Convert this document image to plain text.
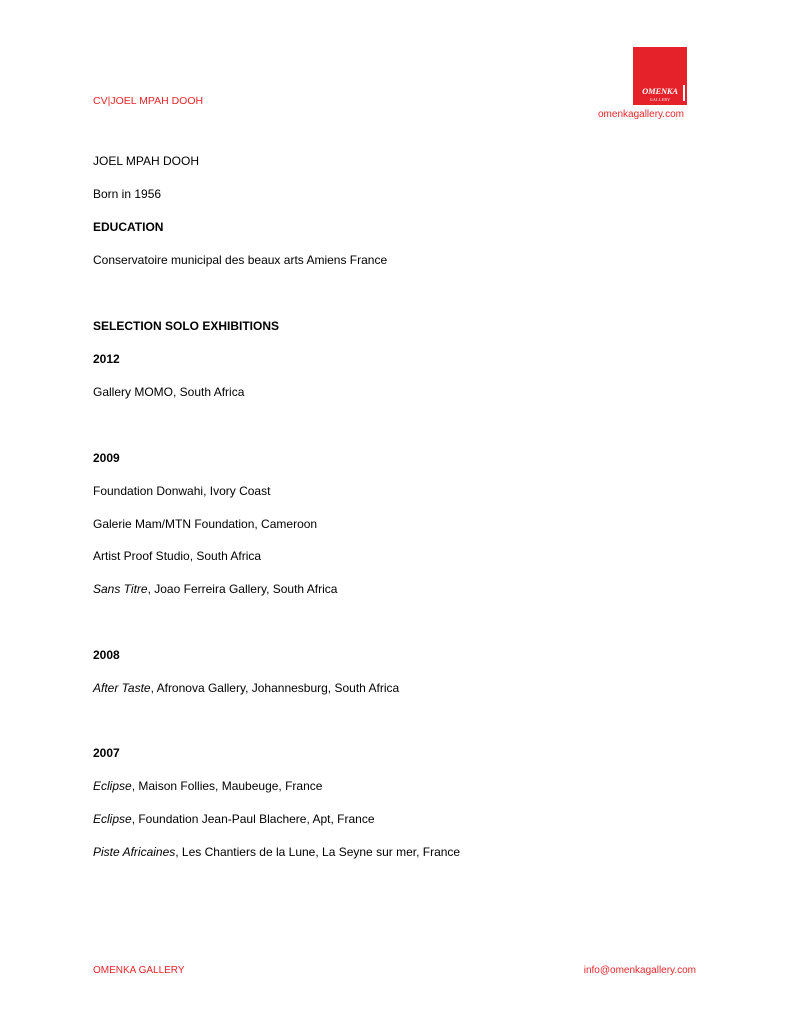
CV|JOEL MPAH DOOH
OMENKA
GALLERY
omenkagallery.com
JOEL MPAH DOOH
Born in 1956
EDUCATION
Conservatoire municipal des beaux arts Amiens France
SELECTION SOLO EXHIBITIONS
2012
Gallery MOMO, South Africa
2009
Foundation Donwahi, Ivory Coast
Galerie Mam/MTN Foundation, Cameroon
Artist Proof Studio, South Africa
Sans Titre, Joao Ferreira Gallery, South Africa
2008
After Taste, Afronova Gallery, Johannesburg, South Africa
2007
Eclipse, Maison Follies, Maubeuge, France
Eclipse, Foundation Jean-Paul Blachere, Apt, France
Piste Africaines, Les Chantiers de la Lune, La Seyne sur mer, France
OMENKA GALLERY	info@omenkagallery.com
